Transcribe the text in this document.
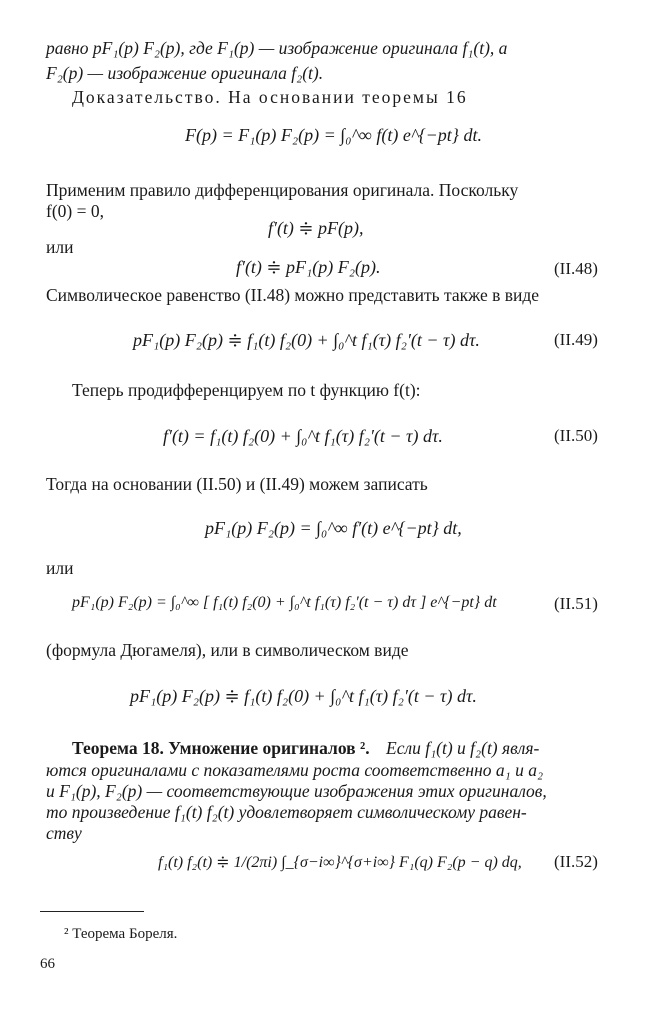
равно pF₁(p) F₂(p), где F₁(p) — изображение оригинала f₁(t), а
F₂(p) — изображение оригинала f₂(t).
Доказательство. На основании теоремы 16
F(p) = F₁(p) F₂(p) = ∫₀^∞ f(t) e^{−pt} dt.
Применим правило дифференцирования оригинала. Поскольку
f(0) = 0,
f′(t) ≑ pF(p),
или
f′(t) ≑ pF₁(p) F₂(p).	(II.48)
Символическое равенство (II.48) можно представить также в виде
pF₁(p) F₂(p) ≑ f₁(t) f₂(0) + ∫₀^t f₁(τ) f₂′(t − τ) dτ.	(II.49)
Теперь продифференцируем по t функцию f(t):
f′(t) = f₁(t) f₂(0) + ∫₀^t f₁(τ) f₂′(t − τ) dτ.	(II.50)
Тогда на основании (II.50) и (II.49) можем записать
pF₁(p) F₂(p) = ∫₀^∞ f′(t) e^{−pt} dt,
или
pF₁(p) F₂(p) = ∫₀^∞ [ f₁(t) f₂(0) + ∫₀^t f₁(τ) f₂′(t − τ) dτ ] e^{−pt} dt	(II.51)
(формула Дюгамеля), или в символическом виде
pF₁(p) F₂(p) ≑ f₁(t) f₂(0) + ∫₀^t f₁(τ) f₂′(t − τ) dτ.
Теорема 18. Умножение оригиналов ². Если f₁(t) и f₂(t) явля-
ются оригиналами с показателями роста соответственно a₁ и a₂
и F₁(p), F₂(p) — соответствующие изображения этих оригиналов,
то произведение f₁(t) f₂(t) удовлетворяет символическому равен-
ству
f₁(t) f₂(t) ≑ 1/(2πi) ∫_{σ−i∞}^{σ+i∞} F₁(q) F₂(p − q) dq, (II.52)
² Теорема Бореля.
66
